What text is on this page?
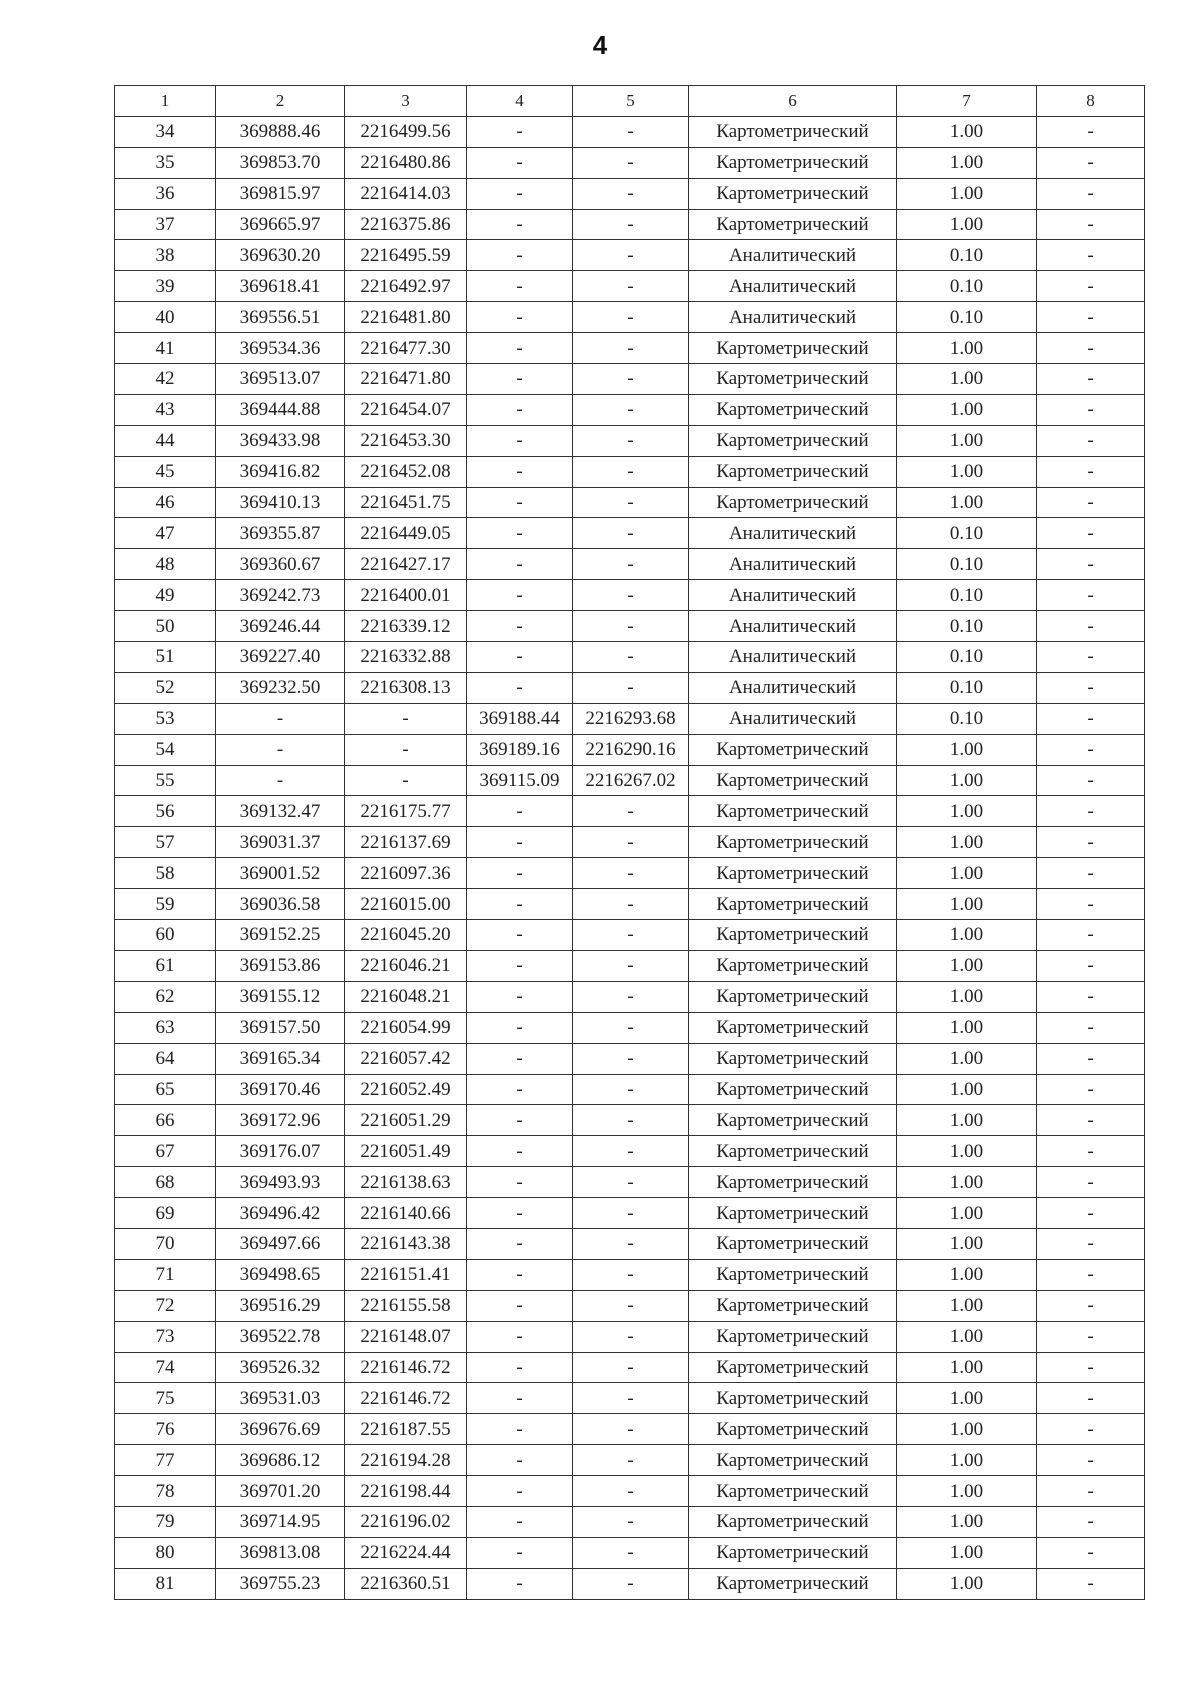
4
1	2	3	4	5	6	7	8
34	369888.46	2216499.56	-	-	Картометрический	1.00	-
35	369853.70	2216480.86	-	-	Картометрический	1.00	-
36	369815.97	2216414.03	-	-	Картометрический	1.00	-
37	369665.97	2216375.86	-	-	Картометрический	1.00	-
38	369630.20	2216495.59	-	-	Аналитический	0.10	-
39	369618.41	2216492.97	-	-	Аналитический	0.10	-
40	369556.51	2216481.80	-	-	Аналитический	0.10	-
41	369534.36	2216477.30	-	-	Картометрический	1.00	-
42	369513.07	2216471.80	-	-	Картометрический	1.00	-
43	369444.88	2216454.07	-	-	Картометрический	1.00	-
44	369433.98	2216453.30	-	-	Картометрический	1.00	-
45	369416.82	2216452.08	-	-	Картометрический	1.00	-
46	369410.13	2216451.75	-	-	Картометрический	1.00	-
47	369355.87	2216449.05	-	-	Аналитический	0.10	-
48	369360.67	2216427.17	-	-	Аналитический	0.10	-
49	369242.73	2216400.01	-	-	Аналитический	0.10	-
50	369246.44	2216339.12	-	-	Аналитический	0.10	-
51	369227.40	2216332.88	-	-	Аналитический	0.10	-
52	369232.50	2216308.13	-	-	Аналитический	0.10	-
53	-	-	369188.44	2216293.68	Аналитический	0.10	-
54	-	-	369189.16	2216290.16	Картометрический	1.00	-
55	-	-	369115.09	2216267.02	Картометрический	1.00	-
56	369132.47	2216175.77	-	-	Картометрический	1.00	-
57	369031.37	2216137.69	-	-	Картометрический	1.00	-
58	369001.52	2216097.36	-	-	Картометрический	1.00	-
59	369036.58	2216015.00	-	-	Картометрический	1.00	-
60	369152.25	2216045.20	-	-	Картометрический	1.00	-
61	369153.86	2216046.21	-	-	Картометрический	1.00	-
62	369155.12	2216048.21	-	-	Картометрический	1.00	-
63	369157.50	2216054.99	-	-	Картометрический	1.00	-
64	369165.34	2216057.42	-	-	Картометрический	1.00	-
65	369170.46	2216052.49	-	-	Картометрический	1.00	-
66	369172.96	2216051.29	-	-	Картометрический	1.00	-
67	369176.07	2216051.49	-	-	Картометрический	1.00	-
68	369493.93	2216138.63	-	-	Картометрический	1.00	-
69	369496.42	2216140.66	-	-	Картометрический	1.00	-
70	369497.66	2216143.38	-	-	Картометрический	1.00	-
71	369498.65	2216151.41	-	-	Картометрический	1.00	-
72	369516.29	2216155.58	-	-	Картометрический	1.00	-
73	369522.78	2216148.07	-	-	Картометрический	1.00	-
74	369526.32	2216146.72	-	-	Картометрический	1.00	-
75	369531.03	2216146.72	-	-	Картометрический	1.00	-
76	369676.69	2216187.55	-	-	Картометрический	1.00	-
77	369686.12	2216194.28	-	-	Картометрический	1.00	-
78	369701.20	2216198.44	-	-	Картометрический	1.00	-
79	369714.95	2216196.02	-	-	Картометрический	1.00	-
80	369813.08	2216224.44	-	-	Картометрический	1.00	-
81	369755.23	2216360.51	-	-	Картометрический	1.00	-
